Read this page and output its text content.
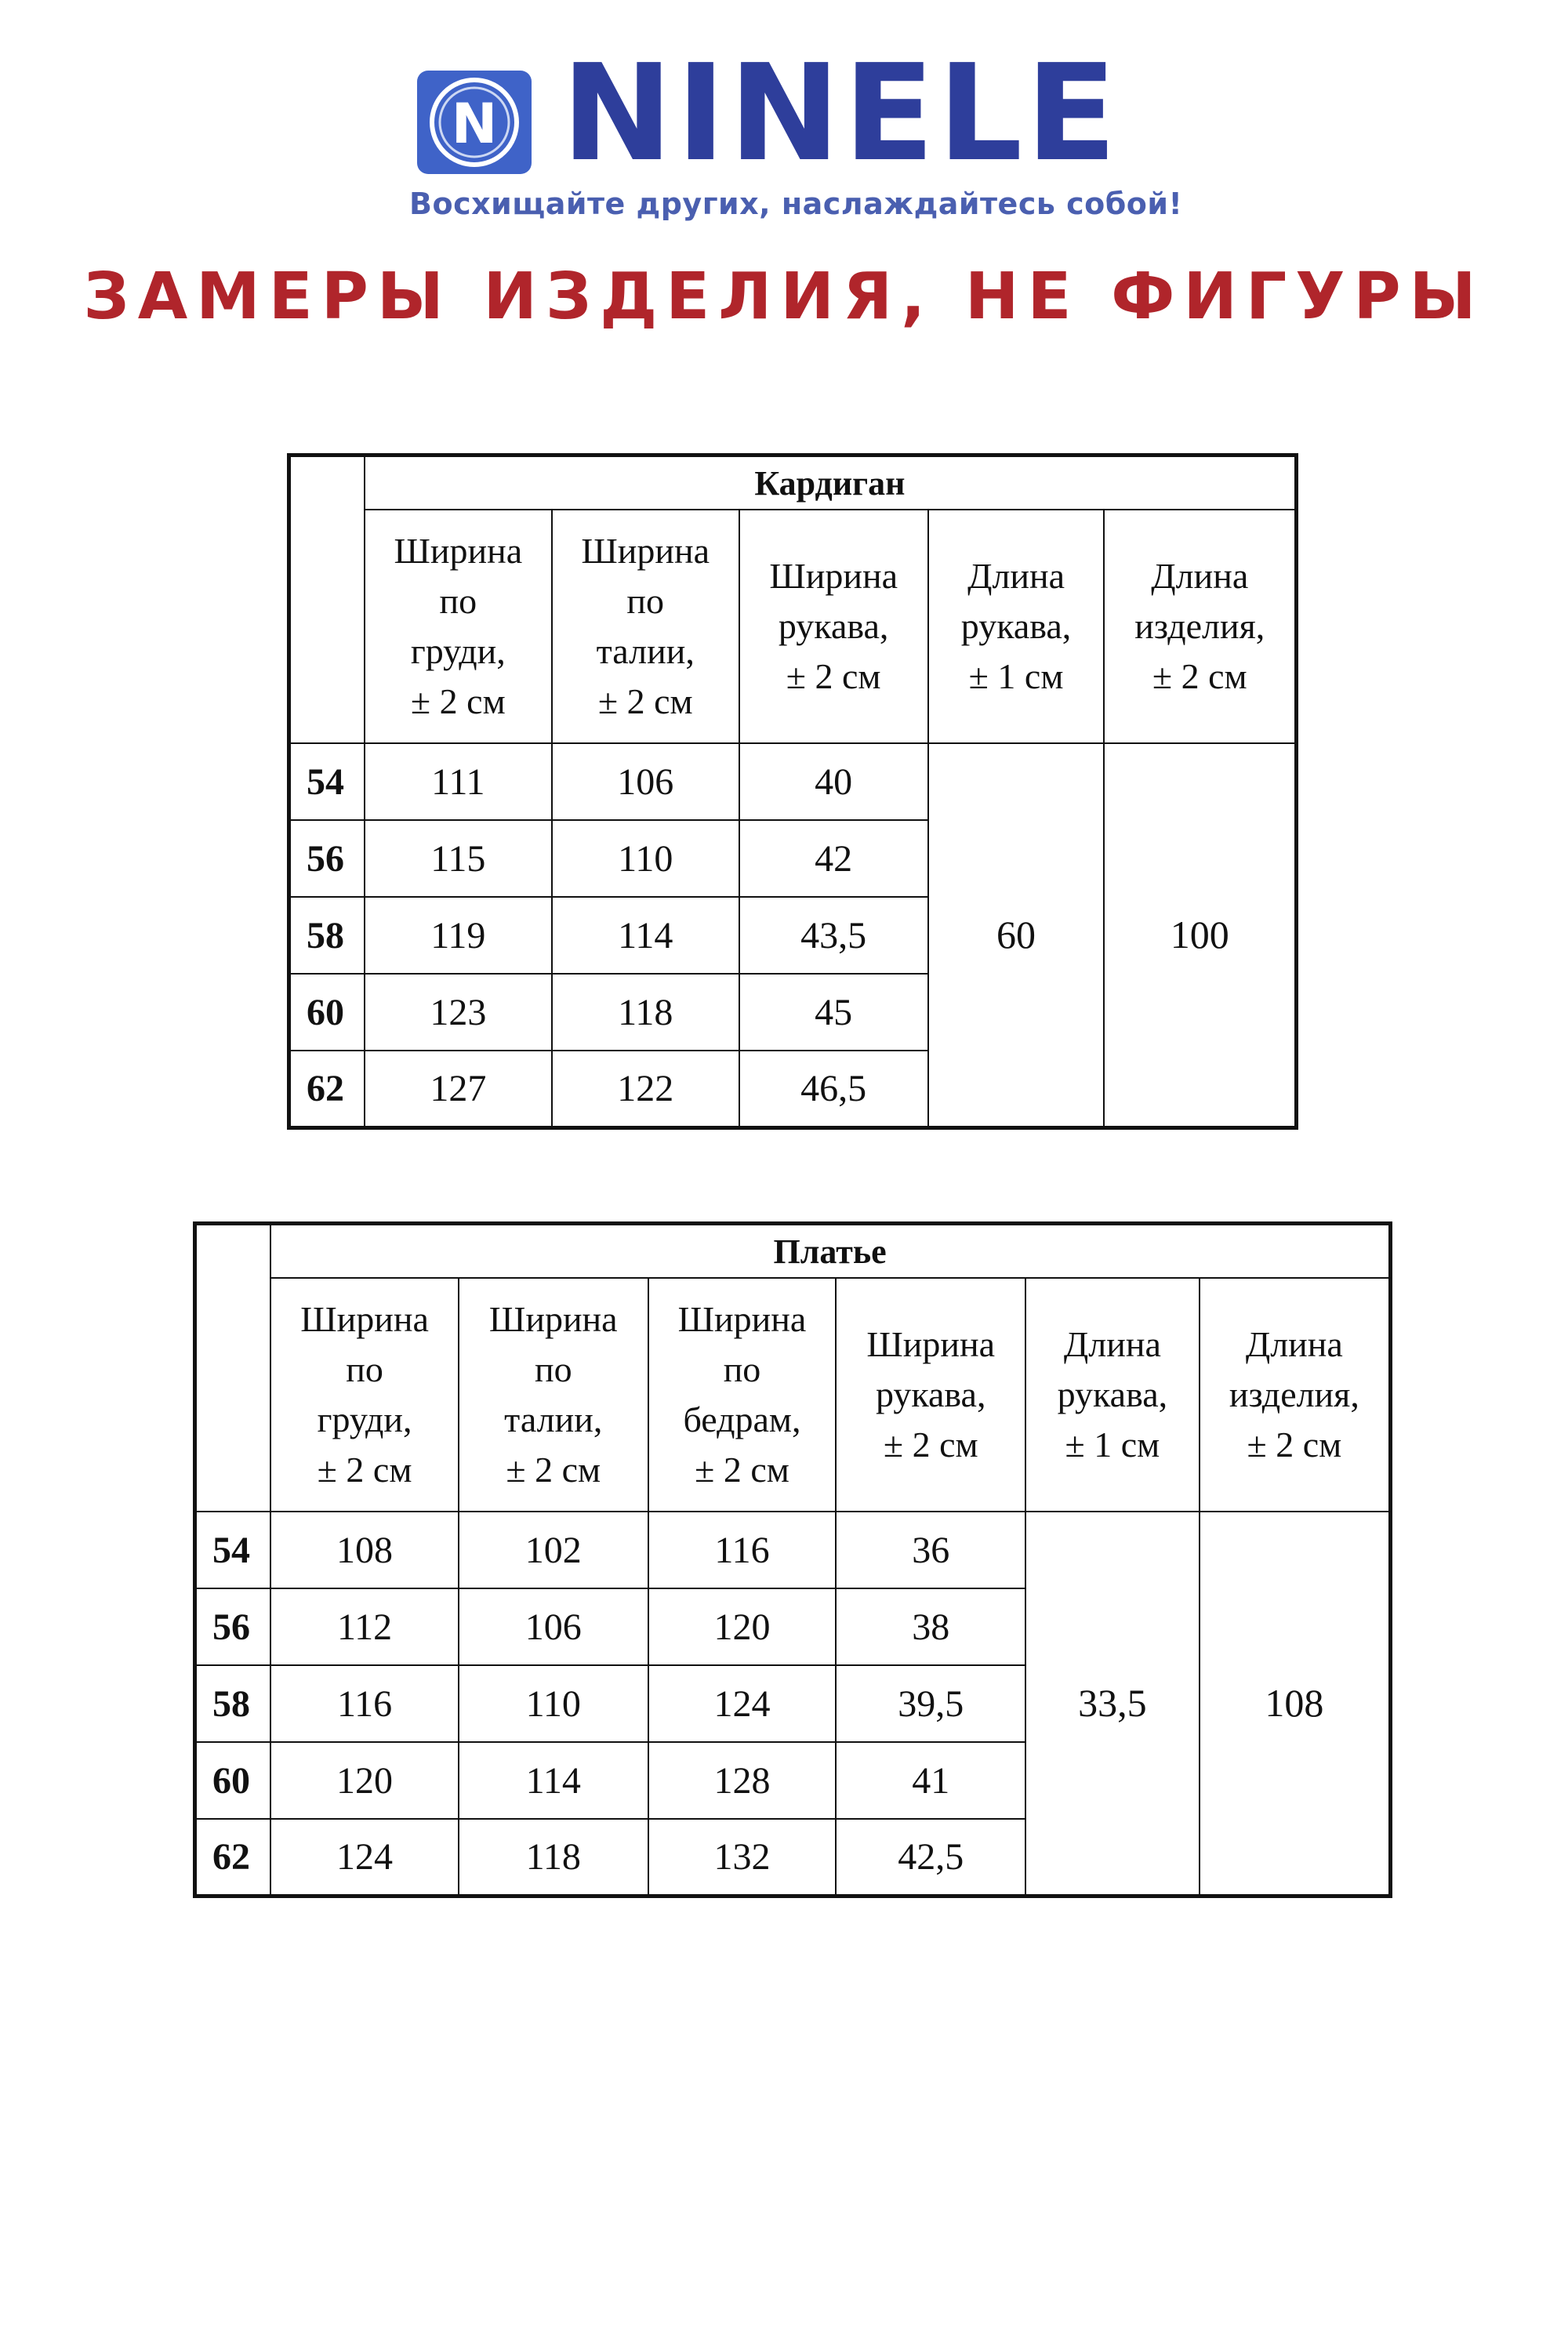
N NINELE
Восхищайте других, наслаждайтесь собой!
ЗАМЕРЫ ИЗДЕЛИЯ, НЕ ФИГУРЫ
	Кардиган				
	Ширина
по
груди,
± 2 см	Ширина
по
талии,
± 2 см	Ширина
рукава,
± 2 см	Длина
рукава,
± 1 см	Длина
изделия,
± 2 см
54	111	106	40	60	100
56	115	110	42		
58	119	114	43,5		
60	123	118	45		
62	127	122	46,5		
	Платье					
	Ширина
по
груди,
± 2 см	Ширина
по
талии,
± 2 см	Ширина
по
бедрам,
± 2 см	Ширина
рукава,
± 2 см	Длина
рукава,
± 1 см	Длина
изделия,
± 2 см
54	108	102	116	36	33,5	108
56	112	106	120	38		
58	116	110	124	39,5		
60	120	114	128	41		
62	124	118	132	42,5		
